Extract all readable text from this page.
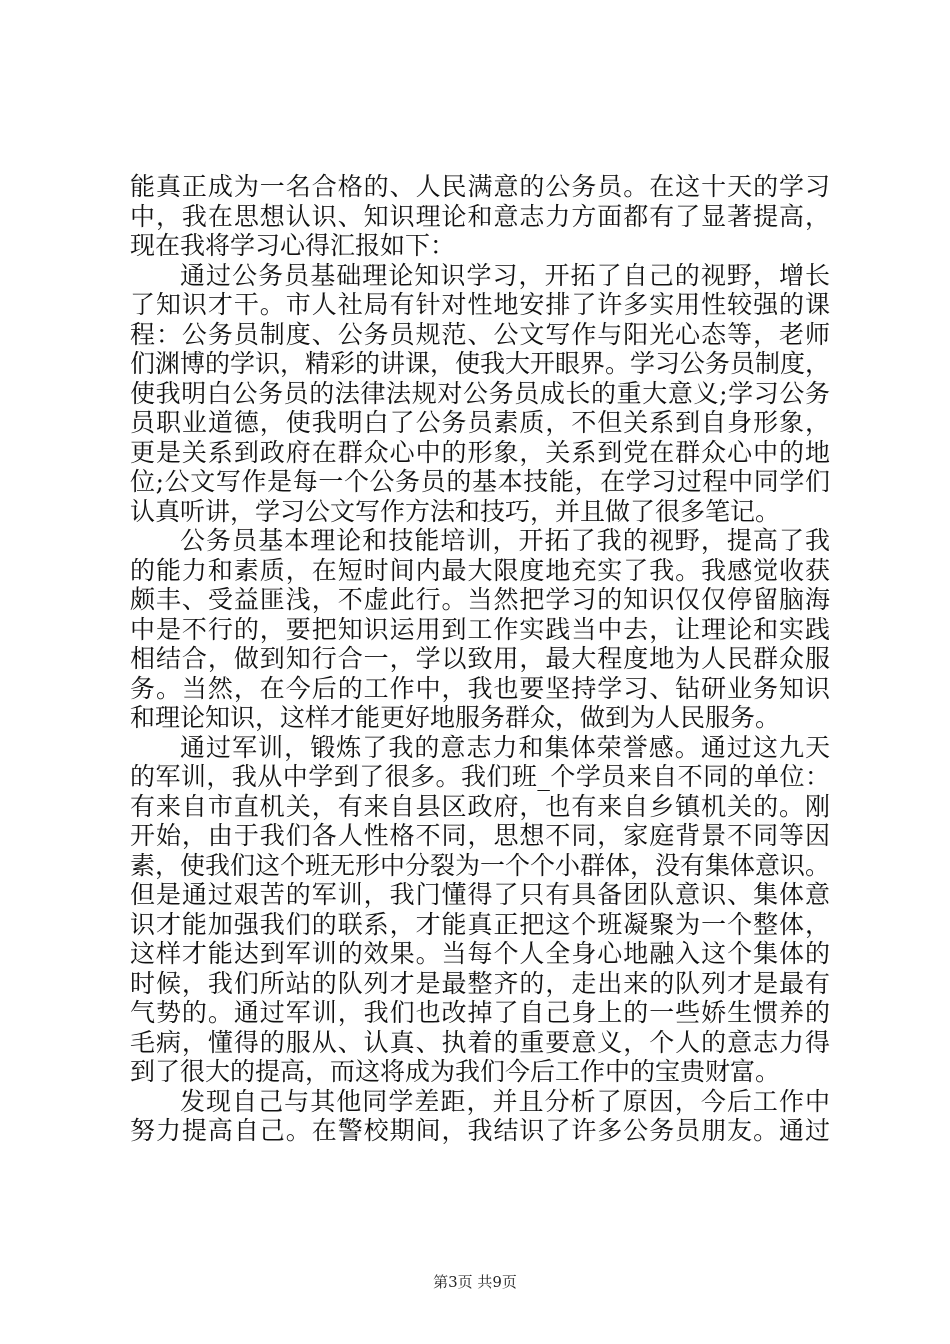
能真正成为一名合格的、人民满意的公务员。在这十天的学习
中，我在思想认识、知识理论和意志力方面都有了显著提高，
现在我将学习心得汇报如下：
通过公务员基础理论知识学习，开拓了自己的视野，增长
了知识才干。市人社局有针对性地安排了许多实用性较强的课
程：公务员制度、公务员规范、公文写作与阳光心态等，老师
们渊博的学识，精彩的讲课，使我大开眼界。学习公务员制度，
使我明白公务员的法律法规对公务员成长的重大意义;学习公务
员职业道德，使我明白了公务员素质，不但关系到自身形象，
更是关系到政府在群众心中的形象，关系到党在群众心中的地
位;公文写作是每一个公务员的基本技能，在学习过程中同学们
认真听讲，学习公文写作方法和技巧，并且做了很多笔记。
公务员基本理论和技能培训，开拓了我的视野，提高了我
的能力和素质，在短时间内最大限度地充实了我。我感觉收获
颇丰、受益匪浅，不虚此行。当然把学习的知识仅仅停留脑海
中是不行的，要把知识运用到工作实践当中去，让理论和实践
相结合，做到知行合一，学以致用，最大程度地为人民群众服
务。当然，在今后的工作中，我也要坚持学习、钻研业务知识
和理论知识，这样才能更好地服务群众，做到为人民服务。
通过军训，锻炼了我的意志力和集体荣誉感。通过这九天
的军训，我从中学到了很多。我们班_个学员来自不同的单位：
有来自市直机关，有来自县区政府，也有来自乡镇机关的。刚
开始，由于我们各人性格不同，思想不同，家庭背景不同等因
素，使我们这个班无形中分裂为一个个小群体，没有集体意识。
但是通过艰苦的军训，我门懂得了只有具备团队意识、集体意
识才能加强我们的联系，才能真正把这个班凝聚为一个整体，
这样才能达到军训的效果。当每个人全身心地融入这个集体的
时候，我们所站的队列才是最整齐的，走出来的队列才是最有
气势的。通过军训，我们也改掉了自己身上的一些娇生惯养的
毛病，懂得的服从、认真、执着的重要意义，个人的意志力得
到了很大的提高，而这将成为我们今后工作中的宝贵财富。
发现自己与其他同学差距，并且分析了原因，今后工作中
努力提高自己。在警校期间，我结识了许多公务员朋友。通过
第3页 共9页
